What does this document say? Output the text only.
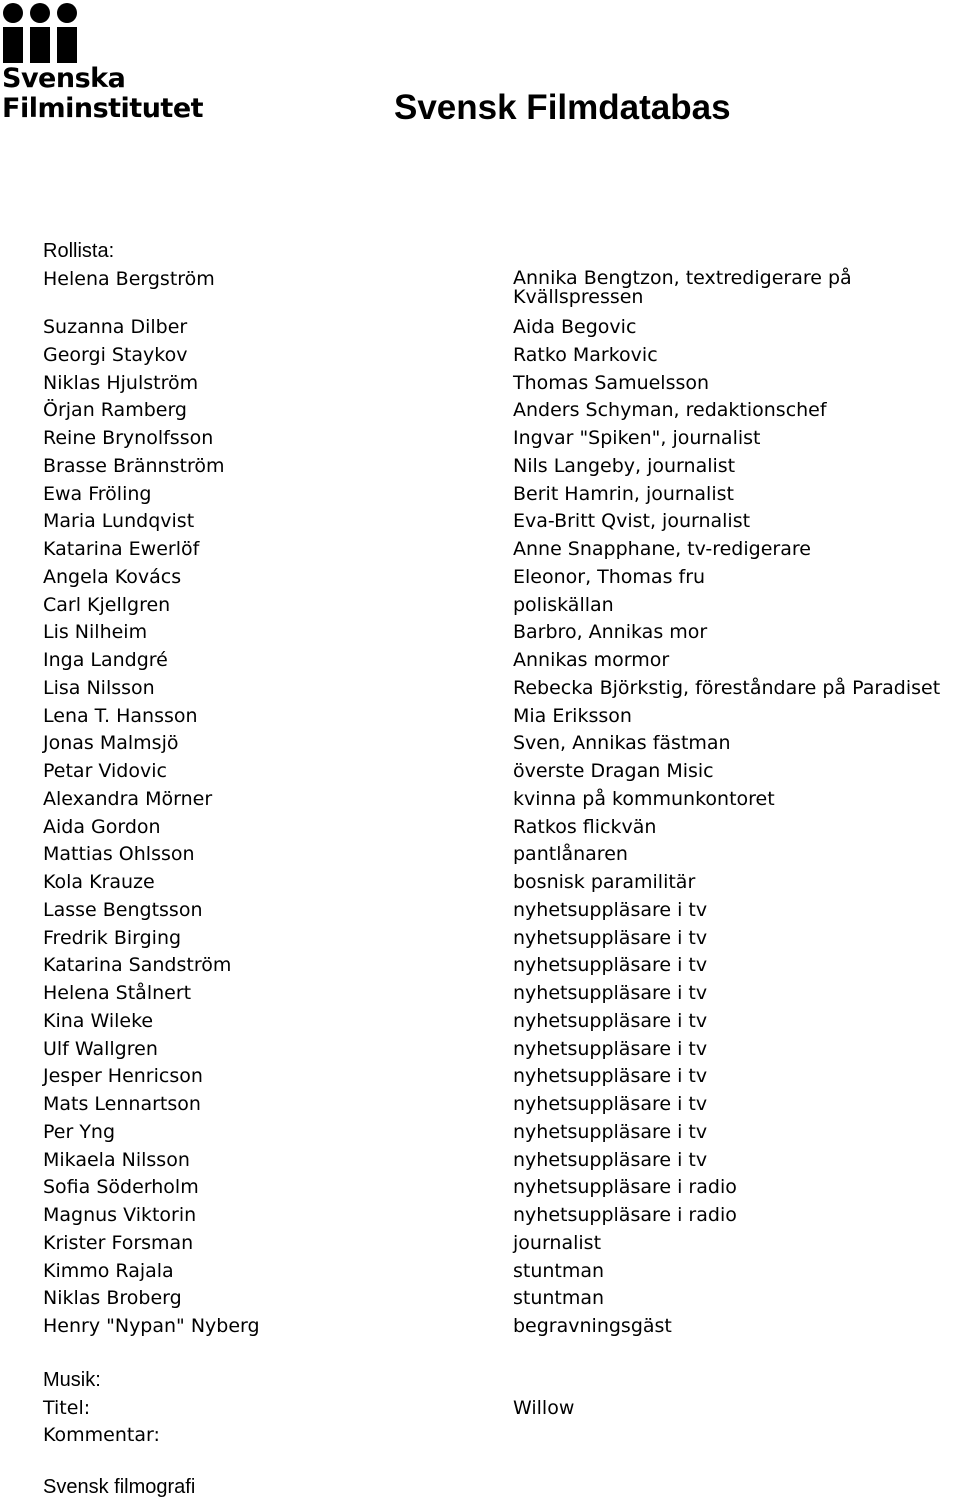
Svenska
Filminstitutet	Svensk Filmdatabas
Rollista:
Helena Bergström	Annika Bengtzon, textredigerare på Kvällspressen
Suzanna Dilber	Aida Begovic
Georgi Staykov	Ratko Markovic
Niklas Hjulström	Thomas Samuelsson
Örjan Ramberg	Anders Schyman, redaktionschef
Reine Brynolfsson	Ingvar "Spiken", journalist
Brasse Brännström	Nils Langeby, journalist
Ewa Fröling	Berit Hamrin, journalist
Maria Lundqvist	Eva-Britt Qvist, journalist
Katarina Ewerlöf	Anne Snapphane, tv-redigerare
Angela Kovács	Eleonor, Thomas fru
Carl Kjellgren	poliskällan
Lis Nilheim	Barbro, Annikas mor
Inga Landgré	Annikas mormor
Lisa Nilsson	Rebecka Björkstig, föreståndare på Paradiset
Lena T. Hansson	Mia Eriksson
Jonas Malmsjö	Sven, Annikas fästman
Petar Vidovic	överste Dragan Misic
Alexandra Mörner	kvinna på kommunkontoret
Aida Gordon	Ratkos flickvän
Mattias Ohlsson	pantlånaren
Kola Krauze	bosnisk paramilitär
Lasse Bengtsson	nyhetsuppläsare i tv
Fredrik Birging	nyhetsuppläsare i tv
Katarina Sandström	nyhetsuppläsare i tv
Helena Stålnert	nyhetsuppläsare i tv
Kina Wileke	nyhetsuppläsare i tv
Ulf Wallgren	nyhetsuppläsare i tv
Jesper Henricson	nyhetsuppläsare i tv
Mats Lennartson	nyhetsuppläsare i tv
Per Yng	nyhetsuppläsare i tv
Mikaela Nilsson	nyhetsuppläsare i tv
Sofia Söderholm	nyhetsuppläsare i radio
Magnus Viktorin	nyhetsuppläsare i radio
Krister Forsman	journalist
Kimmo Rajala	stuntman
Niklas Broberg	stuntman
Henry "Nypan" Nyberg	begravningsgäst
Musik:
Titel:	Willow
Kommentar:
Svensk filmografi
